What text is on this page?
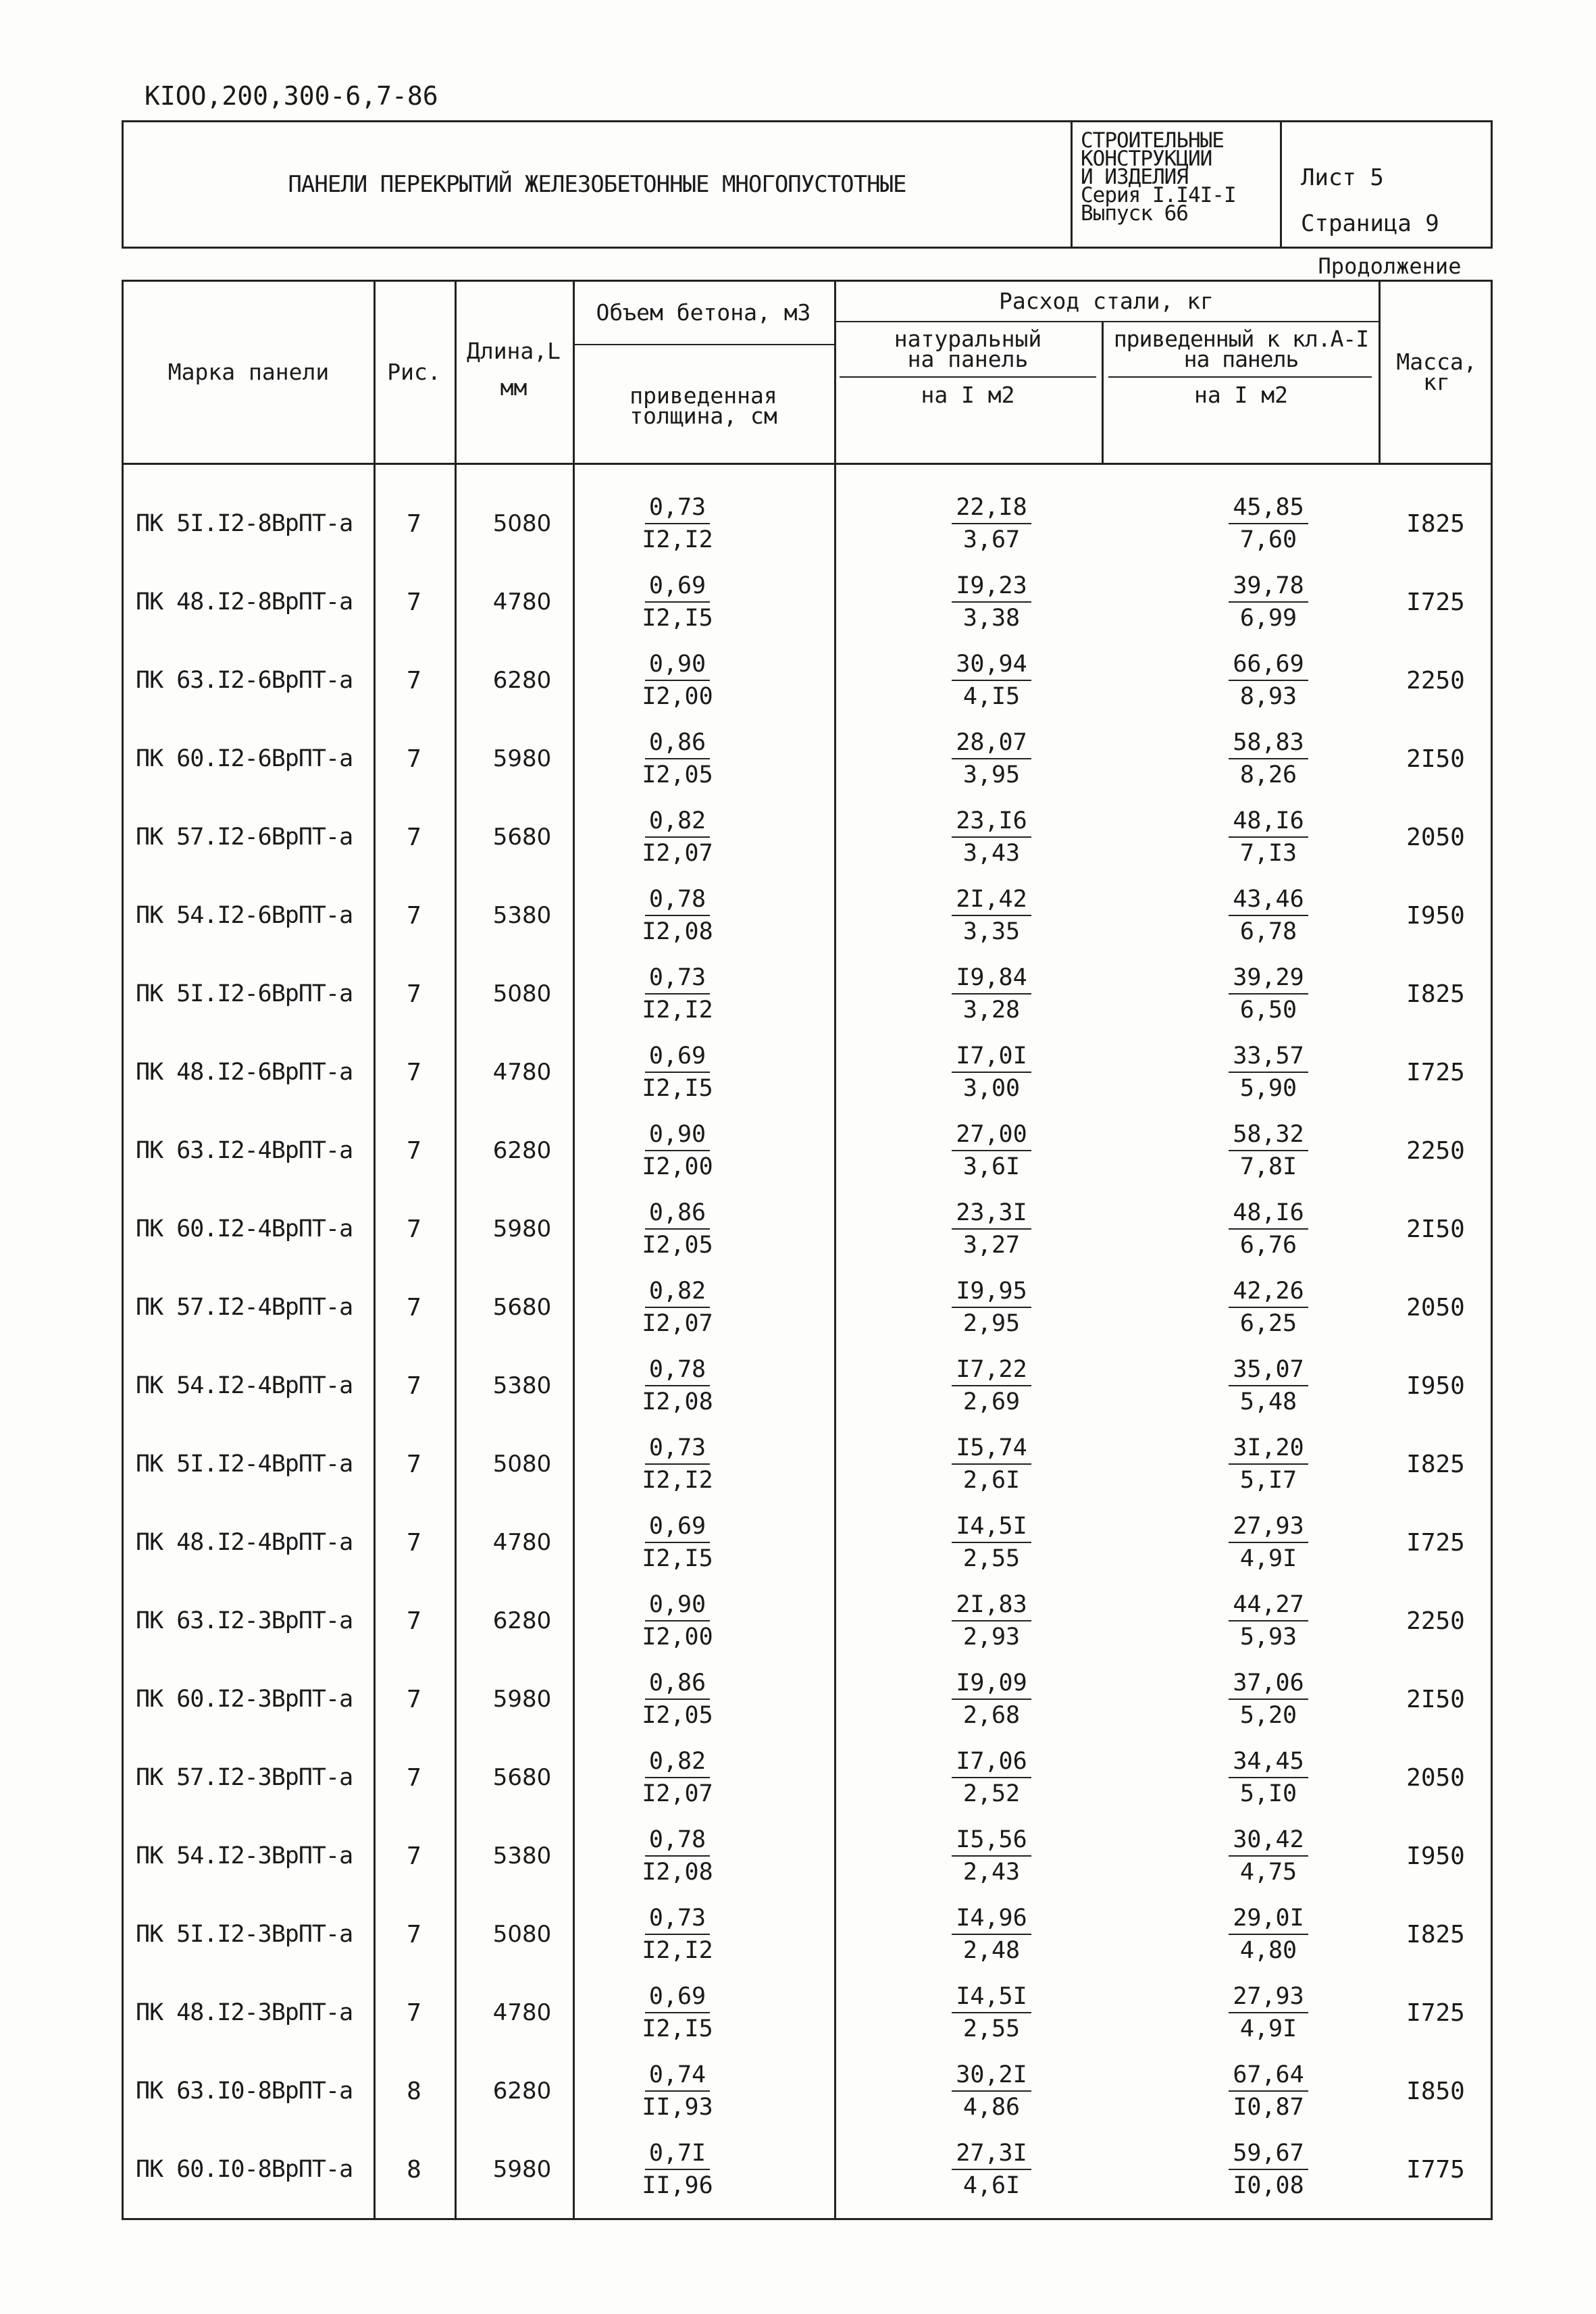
КIOO,200,300-6,7-86
ПАНЕЛИ ПЕРЕКРЫТИЙ ЖЕЛЕЗОБЕТОННЫЕ МНОГОПУСТОТНЫЕ
СТРОИТЕЛЬНЫЕ
КОНСТРУКЦИИ
И ИЗДЕЛИЯ
Серия I.I4I-I
Выпуск 66
Лист 5
Страница 9
Продолжение
Марка панели	Рис.
Длина,L
мм
Объем бетона, м3
приведенная
толщина, см
Расход стали, кг
натуральный
на панель
на I м2
приведенный к кл.А-I
на панель
на I м2
Масса,
кг
ПК 5I.I2-8ВрПТ-а	7	5080	$\frac{0,73}{I2,I2}$	$\frac{22,I8}{3,67}$	$\frac{45,85}{7,60}$	I825
ПК 48.I2-8ВрПТ-а	7	4780	$\frac{0,69}{I2,I5}$	$\frac{I9,23}{3,38}$	$\frac{39,78}{6,99}$	I725
ПК 63.I2-6ВрПТ-а	7	6280	$\frac{0,90}{I2,00}$	$\frac{30,94}{4,I5}$	$\frac{66,69}{8,93}$	2250
ПК 60.I2-6ВрПТ-а	7	5980	$\frac{0,86}{I2,05}$	$\frac{28,07}{3,95}$	$\frac{58,83}{8,26}$	2I50
ПК 57.I2-6ВрПТ-а	7	5680	$\frac{0,82}{I2,07}$	$\frac{23,I6}{3,43}$	$\frac{48,I6}{7,I3}$	2050
ПК 54.I2-6ВрПТ-а	7	5380	$\frac{0,78}{I2,08}$	$\frac{2I,42}{3,35}$	$\frac{43,46}{6,78}$	I950
ПК 5I.I2-6ВрПТ-а	7	5080	$\frac{0,73}{I2,I2}$	$\frac{I9,84}{3,28}$	$\frac{39,29}{6,50}$	I825
ПК 48.I2-6ВрПТ-а	7	4780	$\frac{0,69}{I2,I5}$	$\frac{I7,0I}{3,00}$	$\frac{33,57}{5,90}$	I725
ПК 63.I2-4ВрПТ-а	7	6280	$\frac{0,90}{I2,00}$	$\frac{27,00}{3,6I}$	$\frac{58,32}{7,8I}$	2250
ПК 60.I2-4ВрПТ-а	7	5980	$\frac{0,86}{I2,05}$	$\frac{23,3I}{3,27}$	$\frac{48,I6}{6,76}$	2I50
ПК 57.I2-4ВрПТ-а	7	5680	$\frac{0,82}{I2,07}$	$\frac{I9,95}{2,95}$	$\frac{42,26}{6,25}$	2050
ПК 54.I2-4ВрПТ-а	7	5380	$\frac{0,78}{I2,08}$	$\frac{I7,22}{2,69}$	$\frac{35,07}{5,48}$	I950
ПК 5I.I2-4ВрПТ-а	7	5080	$\frac{0,73}{I2,I2}$	$\frac{I5,74}{2,6I}$	$\frac{3I,20}{5,I7}$	I825
ПК 48.I2-4ВрПТ-а	7	4780	$\frac{0,69}{I2,I5}$	$\frac{I4,5I}{2,55}$	$\frac{27,93}{4,9I}$	I725
ПК 63.I2-3ВрПТ-а	7	6280	$\frac{0,90}{I2,00}$	$\frac{2I,83}{2,93}$	$\frac{44,27}{5,93}$	2250
ПК 60.I2-3ВрПТ-а	7	5980	$\frac{0,86}{I2,05}$	$\frac{I9,09}{2,68}$	$\frac{37,06}{5,20}$	2I50
ПК 57.I2-3ВрПТ-а	7	5680	$\frac{0,82}{I2,07}$	$\frac{I7,06}{2,52}$	$\frac{34,45}{5,I0}$	2050
ПК 54.I2-3ВрПТ-а	7	5380	$\frac{0,78}{I2,08}$	$\frac{I5,56}{2,43}$	$\frac{30,42}{4,75}$	I950
ПК 5I.I2-3ВрПТ-а	7	5080	$\frac{0,73}{I2,I2}$	$\frac{I4,96}{2,48}$	$\frac{29,0I}{4,80}$	I825
ПК 48.I2-3ВрПТ-а	7	4780	$\frac{0,69}{I2,I5}$	$\frac{I4,5I}{2,55}$	$\frac{27,93}{4,9I}$	I725
ПК 63.I0-8ВрПТ-а	8	6280	$\frac{0,74}{II,93}$	$\frac{30,2I}{4,86}$	$\frac{67,64}{I0,87}$	I850
ПК 60.I0-8ВрПТ-а	8	5980	$\frac{0,7I}{II,96}$	$\frac{27,3I}{4,6I}$	$\frac{59,67}{I0,08}$	I775
